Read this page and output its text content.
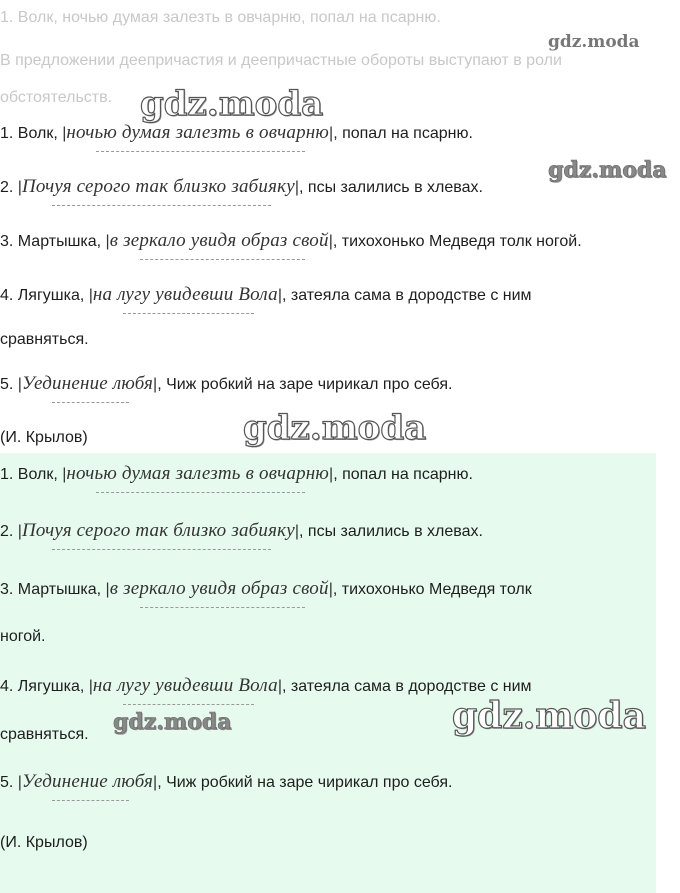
1. Волк, ночью думая залезть в овчарню, попал на псарню.
В предложении деепричастия и деепричастные обороты выступают в роли
обстоятельств.
1. Волк, |ночью думая залезть в овчарню|, попал на псарню.
2. |Почуя серого так близко забияку|, псы залились в хлевах.
3. Мартышка, |в зеркало увидя образ свой|, тихохонько Медведя толк ногой.
4. Лягушка, |на лугу увидевши Вола|, затеяла сама в дородстве с ним
сравняться.
5. |Уединение любя|, Чиж робкий на заре чирикал про себя.
(И. Крылов)
1. Волк, |ночью думая залезть в овчарню|, попал на псарню.
2. |Почуя серого так близко забияку|, псы залились в хлевах.
3. Мартышка, |в зеркало увидя образ свой|, тихохонько Медведя толк
ногой.
4. Лягушка, |на лугу увидевши Вола|, затеяла сама в дородстве с ним
сравняться.
5. |Уединение любя|, Чиж робкий на заре чирикал про себя.
(И. Крылов)
gdz.moda
gdz.moda
gdz.moda
gdz.moda
gdz.moda	gdz.moda
